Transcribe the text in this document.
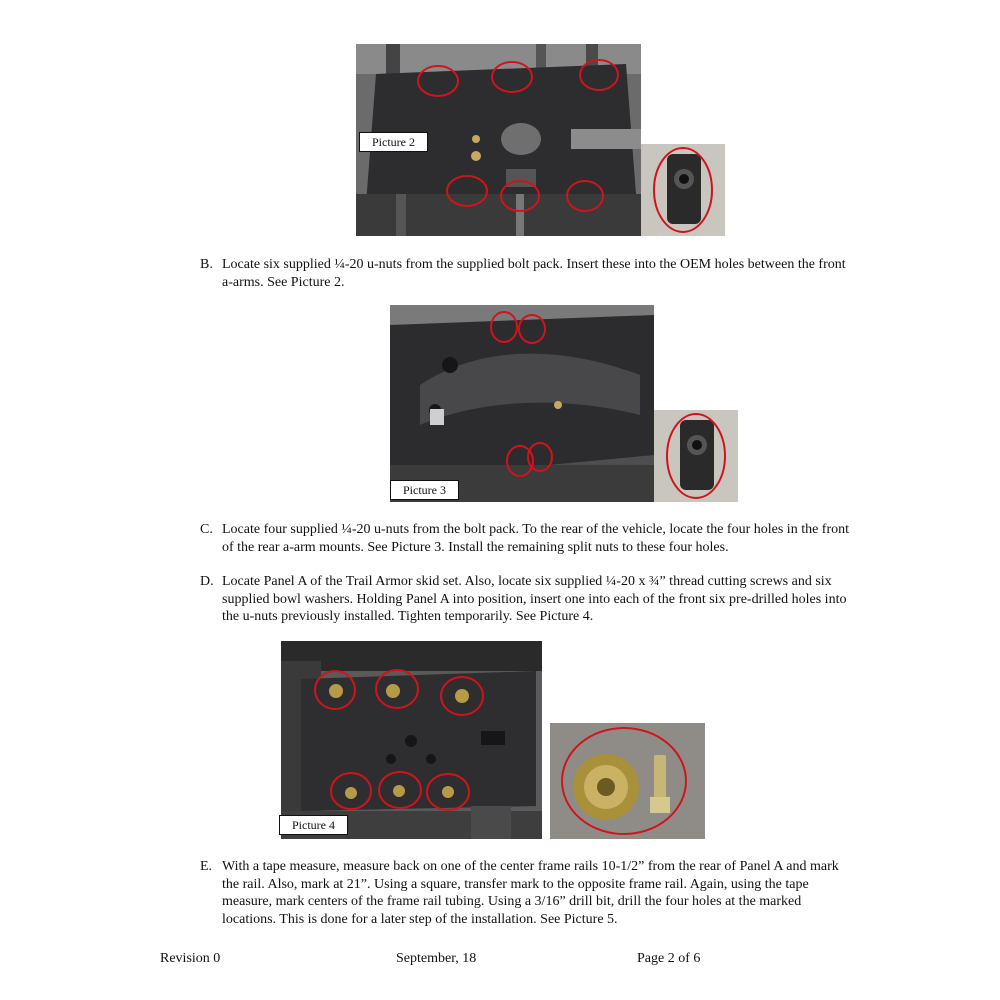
Picture 2
B. Locate six supplied ¼-20 u-nuts from the supplied bolt pack. Insert these into the OEM holes between the front a-arms. See Picture 2.
Picture 3
C. Locate four supplied ¼-20 u-nuts from the bolt pack. To the rear of the vehicle, locate the four holes in the front of the rear a-arm mounts. See Picture 3. Install the remaining split nuts to these four holes.
D. Locate Panel A of the Trail Armor skid set. Also, locate six supplied ¼-20 x ¾” thread cutting screws and six supplied bowl washers. Holding Panel A into position, insert one into each of the front six pre-drilled holes into the u-nuts previously installed. Tighten temporarily. See Picture 4.
Picture 4
E. With a tape measure, measure back on one of the center frame rails 10-1/2” from the rear of Panel A and mark the rail. Also, mark at 21”. Using a square, transfer mark to the opposite frame rail. Again, using the tape measure, mark centers of the frame rail tubing. Using a 3/16” drill bit, drill the four holes at the marked locations. This is done for a later step of the installation. See Picture 5.
Revision 0	September, 18	Page 2 of 6
